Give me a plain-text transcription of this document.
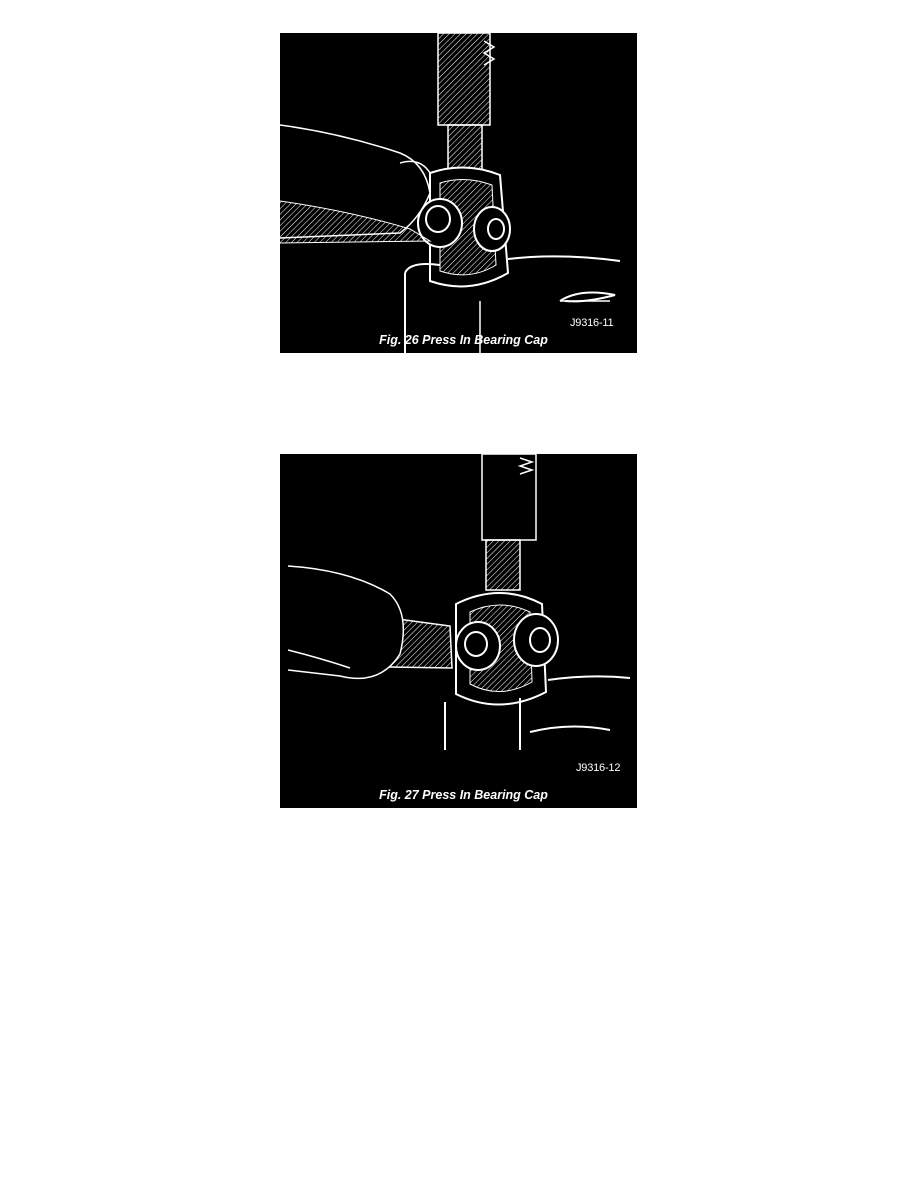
J9316-11
Fig. 26 Press In Bearing Cap
J9316-12
Fig. 27 Press In Bearing Cap
